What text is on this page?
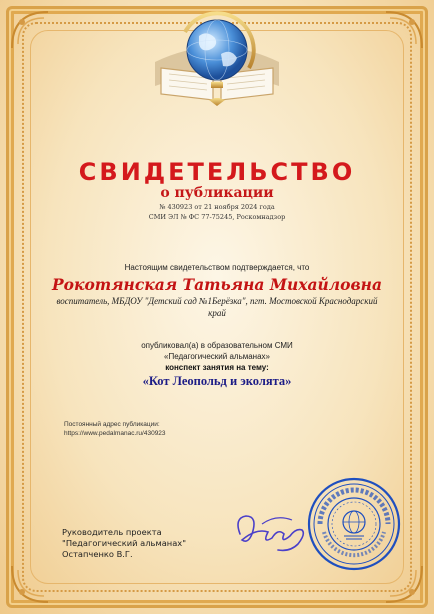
СВИДЕТЕЛЬСТВО
о публикации
№ 430923 от 21 ноября 2024 года
СМИ ЭЛ № ФС 77-75245, Роскомнадзор
Настоящим свидетельством подтверждается, что
Рокотянская Татьяна Михайловна
воспитатель, МБДОУ "Детский сад №1Берёзка", пгт. Мостовской Краснодарский край
опубликовал(а) в образовательном СМИ
«Педагогический альманах»
конспект занятия на тему:
«Кот Леопольд и эколята»
Постоянный адрес публикации:
https://www.pedalmanac.ru/430923
Руководитель проекта
"Педагогический альманах"
Остапченко В.Г.
